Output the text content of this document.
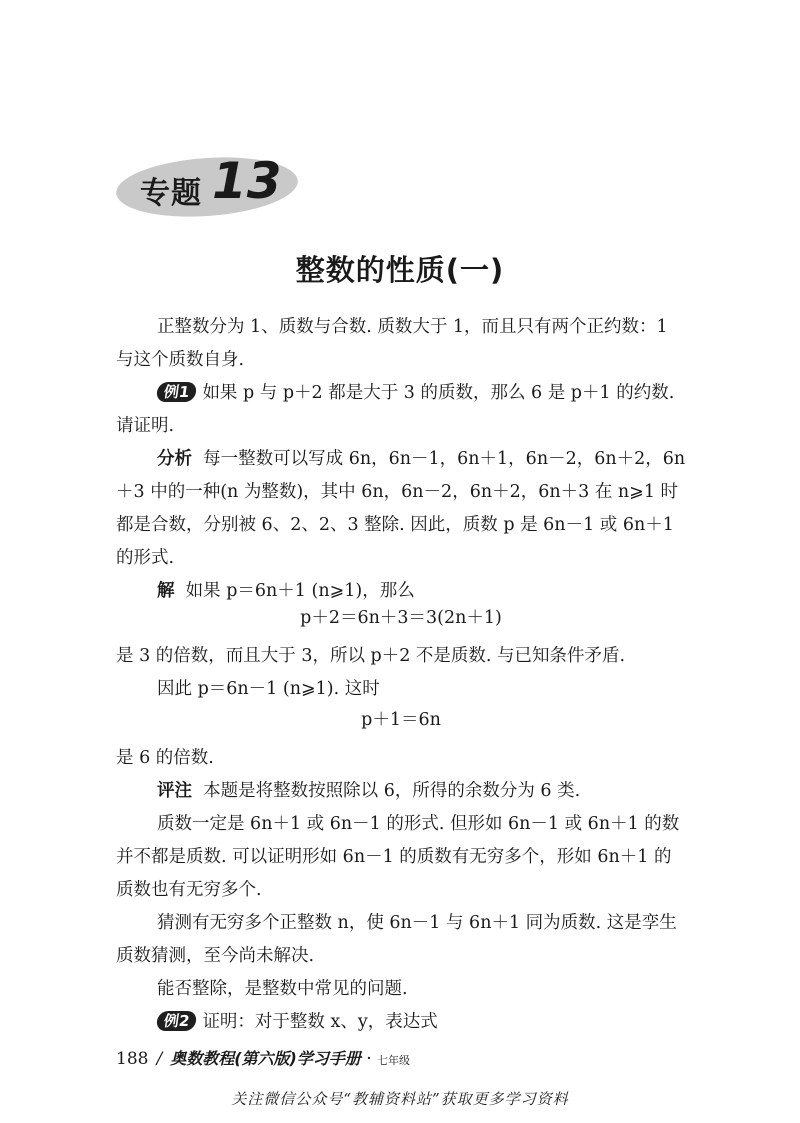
专题 13
整数的性质(一)

正整数分为 1、质数与合数. 质数大于 1，而且只有两个正约数：1 与这个质数自身.

例1 如果 p 与 p＋2 都是大于 3 的质数，那么 6 是 p＋1 的约数. 请证明.

分析 每一整数可以写成 6n，6n－1，6n＋1，6n－2，6n＋2，6n＋3 中的一种(n 为整数)，其中 6n，6n－2，6n＋2，6n＋3 在 n⩾1 时都是合数，分别被 6、2、2、3 整除. 因此，质数 p 是 6n－1 或 6n＋1 的形式.

解 如果 p＝6n＋1 (n⩾1)，那么

p＋2＝6n＋3＝3(2n＋1)

是 3 的倍数，而且大于 3，所以 p＋2 不是质数. 与已知条件矛盾.

因此 p＝6n－1 (n⩾1). 这时

p＋1＝6n

是 6 的倍数.

评注 本题是将整数按照除以 6，所得的余数分为 6 类.

质数一定是 6n＋1 或 6n－1 的形式. 但形如 6n－1 或 6n＋1 的数并不都是质数. 可以证明形如 6n－1 的质数有无穷多个，形如 6n＋1 的质数也有无穷多个.

猜测有无穷多个正整数 n，使 6n－1 与 6n＋1 同为质数. 这是孪生质数猜测，至今尚未解决.

能否整除，是整数中常见的问题.

例2 证明：对于整数 x、y，表达式

188 / 奥数教程(第六版)学习手册 · 七年级
关注微信公众号“教辅资料站”获取更多学习资料
